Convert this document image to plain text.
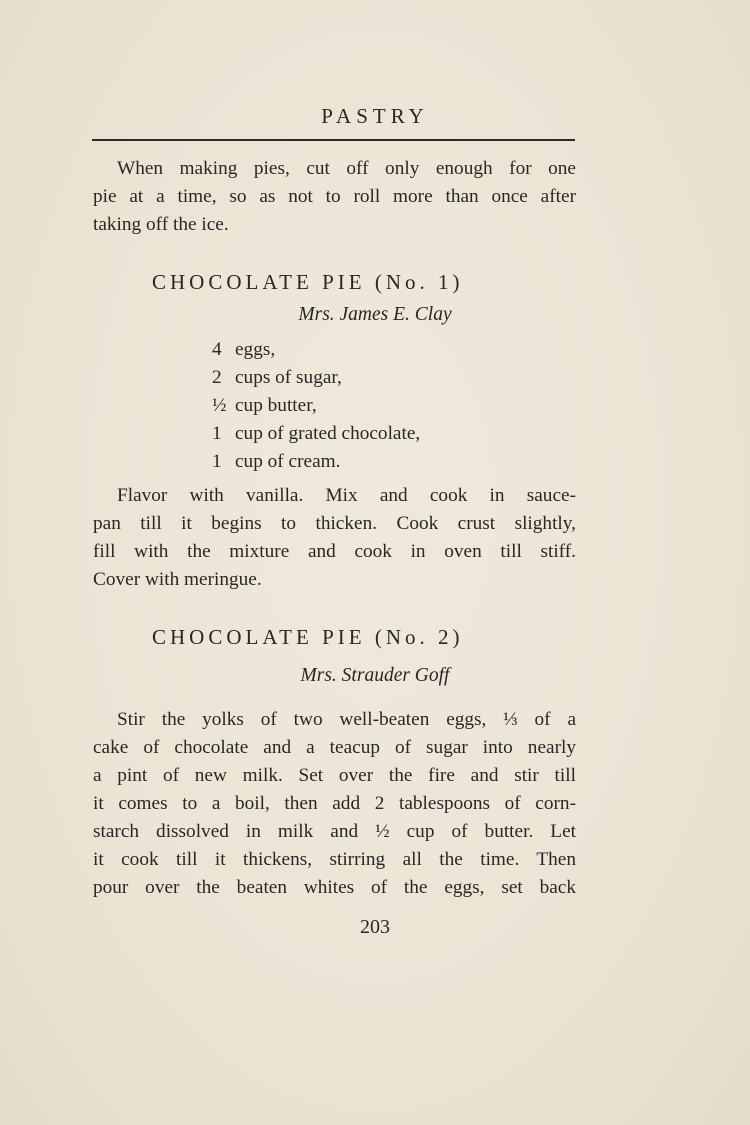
PASTRY
When making pies, cut off only enough for one
pie at a time, so as not to roll more than once after
taking off the ice.
CHOCOLATE PIE (No. 1)
Mrs. James E. Clay
4 eggs,
2 cups of sugar,
½ cup butter,
1 cup of grated chocolate,
1 cup of cream.
Flavor with vanilla. Mix and cook in sauce-
pan till it begins to thicken. Cook crust slightly,
fill with the mixture and cook in oven till stiff.
Cover with meringue.
CHOCOLATE PIE (No. 2)
Mrs. Strauder Goff
Stir the yolks of two well-beaten eggs, ⅓ of a
cake of chocolate and a teacup of sugar into nearly
a pint of new milk. Set over the fire and stir till
it comes to a boil, then add 2 tablespoons of corn-
starch dissolved in milk and ½ cup of butter. Let
it cook till it thickens, stirring all the time. Then
pour over the beaten whites of the eggs, set back
203
